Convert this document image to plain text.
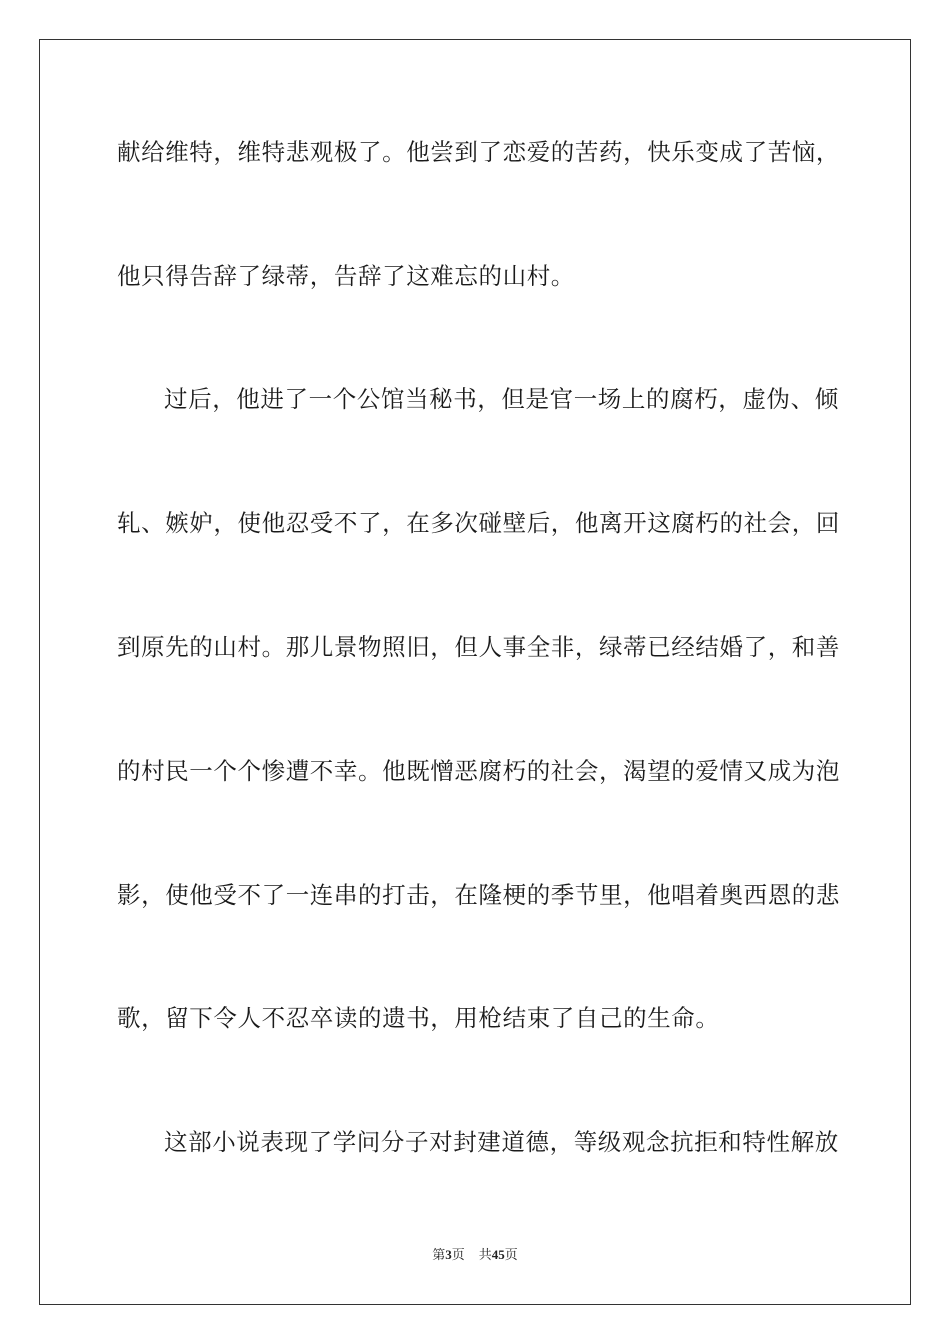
献给维特，维特悲观极了。他尝到了恋爱的苦药，快乐变成了苦恼，
他只得告辞了绿蒂，告辞了这难忘的山村。
过后，他进了一个公馆当秘书，但是官一场上的腐朽，虚伪、倾
轧、嫉妒，使他忍受不了，在多次碰壁后，他离开这腐朽的社会，回
到原先的山村。那儿景物照旧，但人事全非，绿蒂已经结婚了，和善
的村民一个个惨遭不幸。他既憎恶腐朽的社会，渴望的爱情又成为泡
影，使他受不了一连串的打击，在隆梗的季节里，他唱着奥西恩的悲
歌，留下令人不忍卒读的遗书，用枪结束了自己的生命。
这部小说表现了学问分子对封建道德，等级观念抗拒和特性解放
第3页 共45页
